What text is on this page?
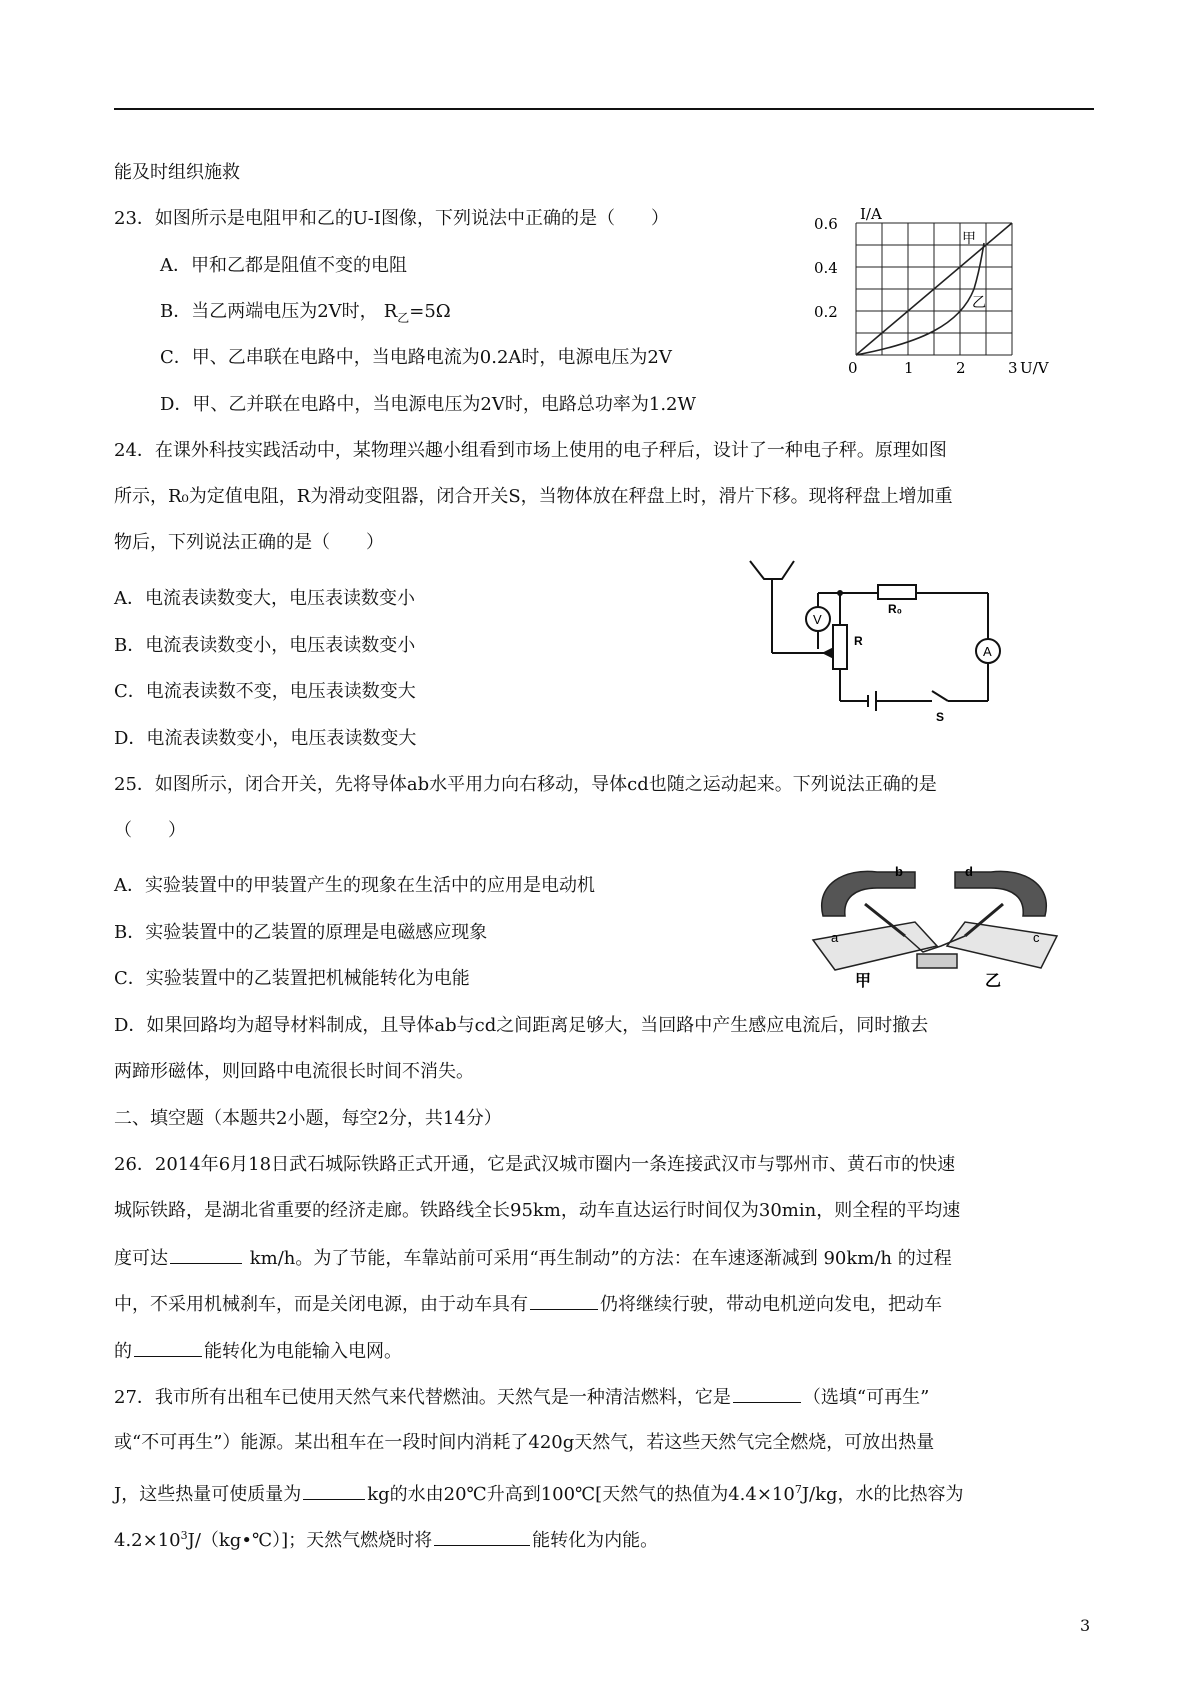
能及时组织施救
23．如图所示是电阻甲和乙的U-I图像，下列说法中正确的是（　　）
A．甲和乙都是阻值不变的电阻
B．当乙两端电压为2V时， $R_乙=5\Omega$
C．甲、乙串联在电路中，当电路电流为0.2A时，电源电压为2V
D．甲、乙并联在电路中，当电源电压为2V时，电路总功率为1.2W
I/A
0.6
0.4
0.2
0	1	2	3 U/V
甲
乙
24．在课外科技实践活动中，某物理兴趣小组看到市场上使用的电子秤后，设计了一种电子秤。原理如图
所示，R₀为定值电阻，R为滑动变阻器，闭合开关S，当物体放在秤盘上时，滑片下移。现将秤盘上增加重
物后，下列说法正确的是（　　）
A．电流表读数变大，电压表读数变小
B．电流表读数变小，电压表读数变小
C．电流表读数不变，电压表读数变大
D．电流表读数变小，电压表读数变大
V
A
R₀
R
S
25．如图所示，闭合开关，先将导体ab水平用力向右移动，导体cd也随之运动起来。下列说法正确的是
（　　）
A．实验装置中的甲装置产生的现象在生活中的应用是电动机
B．实验装置中的乙装置的原理是电磁感应现象
C．实验装置中的乙装置把机械能转化为电能
D．如果回路均为超导材料制成，且导体ab与cd之间距离足够大，当回路中产生感应电流后，同时撤去
两蹄形磁体，则回路中电流很长时间不消失。
b	d
a	c
甲	乙
二、填空题（本题共2小题，每空2分，共14分）
26．2014年6月18日武石城际铁路正式开通，它是武汉城市圈内一条连接武汉市与鄂州市、黄石市的快速
城际铁路，是湖北省重要的经济走廊。铁路线全长95km，动车直达运行时间仅为30min，则全程的平均速
度可达	km/h。为了节能，车靠站前可采用“再生制动”的方法：在车速逐渐减到 90km/h 的过程
中，不采用机械刹车，而是关闭电源，由于动车具有	仍将继续行驶，带动电机逆向发电，把动车
的	能转化为电能输入电网。
27．我市所有出租车已使用天然气来代替燃油。天然气是一种清洁燃料，它是	（选填“可再生”
或“不可再生”）能源。某出租车在一段时间内消耗了420g天然气，若这些天然气完全燃烧，可放出热量
J，这些热量可使质量为	kg的水由20℃升高到100℃[天然气的热值为$4.4\times 10^7J/kg$，水的比热容为
$4.2\times 10^3J/(kg•℃)$]；天然气燃烧时将	能转化为内能。
3
